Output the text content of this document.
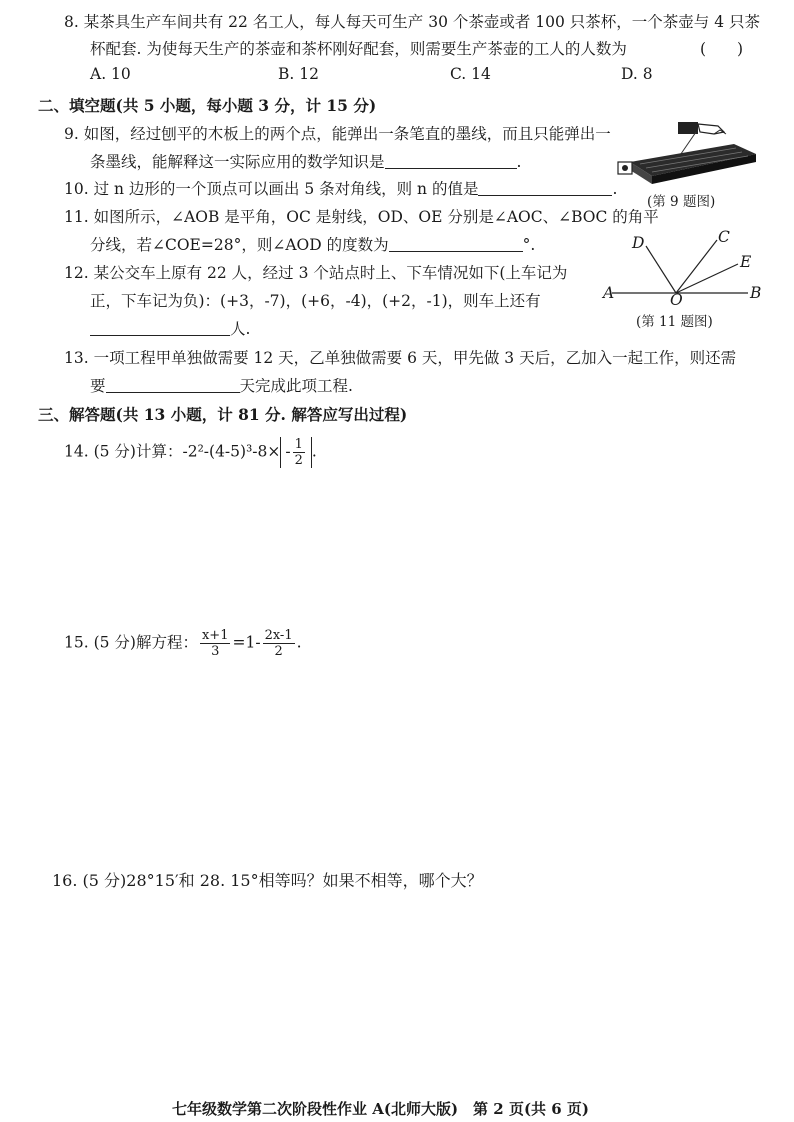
8. 某茶具生产车间共有 22 名工人，每人每天可生产 30 个茶壶或者 100 只茶杯，一个茶壶与 4 只茶
杯配套. 为使每天生产的茶壶和茶杯刚好配套，则需要生产茶壶的工人的人数为	(　　)
A. 10	B. 12	C. 14	D. 8
二、填空题(共 5 小题，每小题 3 分，计 15 分)
9. 如图，经过刨平的木板上的两个点，能弹出一条笔直的墨线，而且只能弹出一
条墨线，能解释这一实际应用的数学知识是	.
(第 9 题图)
10. 过 n 边形的一个顶点可以画出 5 条对角线，则 n 的值是	.
11. 如图所示，∠AOB 是平角，OC 是射线，OD、OE 分别是∠AOC、∠BOC 的角平
分线，若∠COE=28°，则∠AOD 的度数为	°.
A	B
D	C
E
O
(第 11 题图)
12. 某公交车上原有 22 人，经过 3 个站点时上、下车情况如下(上车记为
正，下车记为负)：(+3，-7)，(+6，-4)，(+2，-1)，则车上还有
人.
13. 一项工程甲单独做需要 12 天，乙单独做需要 6 天，甲先做 3 天后，乙加入一起工作，则还需
要	天完成此项工程.
三、解答题(共 13 小题，计 81 分. 解答应写出过程)
14. (5 分)计算：$-2^2-(4-5)^3-8\times - \frac{1}{2}$ .
15. (5 分)解方程： $\frac{x+1}{3} =1- \frac{2x-1}{2}$ .
16. (5 分)28°15′和 28. 15°相等吗？如果不相等，哪个大？
七年级数学第二次阶段性作业 A(北师大版)　第 2 页(共 6 页)
